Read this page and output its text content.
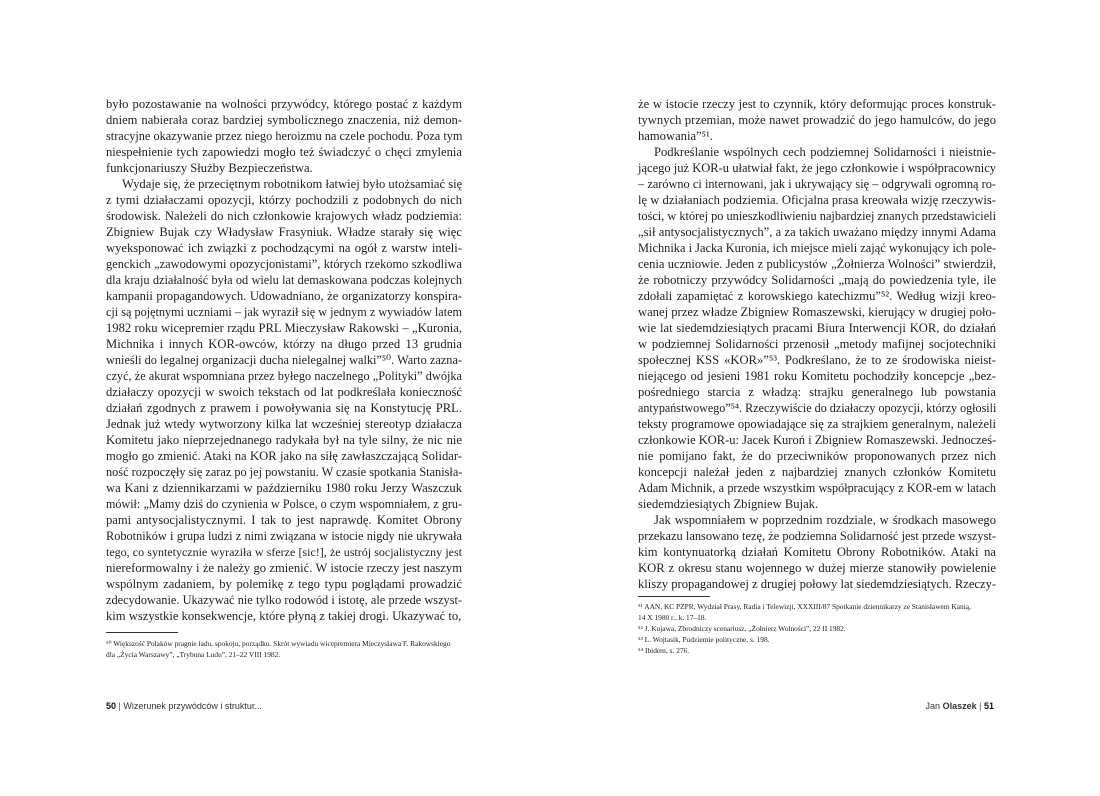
było pozostawanie na wolności przywódcy, którego postać z każdym
dniem nabierała coraz bardziej symbolicznego znaczenia, niż demon-
stracyjne okazywanie przez niego heroizmu na czele pochodu. Poza tym
niespełnienie tych zapowiedzi mogło też świadczyć o chęci zmylenia
funkcjonariuszy Służby Bezpieczeństwa.
Wydaje się, że przeciętnym robotnikom łatwiej było utożsamiać się
z tymi działaczami opozycji, którzy pochodzili z podobnych do nich
środowisk. Należeli do nich członkowie krajowych władz podziemia:
Zbigniew Bujak czy Władysław Frasyniuk. Władze starały się więc
wyeksponować ich związki z pochodzącymi na ogół z warstw inteli-
genckich „zawodowymi opozycjonistami”, których rzekomo szkodliwa
dla kraju działalność była od wielu lat demaskowana podczas kolejnych
kampanii propagandowych. Udowadniano, że organizatorzy konspira-
cji są pojętnymi uczniami – jak wyraził się w jednym z wywiadów latem
1982 roku wicepremier rządu PRL Mieczysław Rakowski – „Kuronia,
Michnika i innych KOR-owców, którzy na długo przed 13 grudnia
wnieśli do legalnej organizacji ducha nielegalnej walki”⁵⁰. Warto zazna-
czyć, że akurat wspomniana przez byłego naczelnego „Polityki” dwójka
działaczy opozycji w swoich tekstach od lat podkreślała konieczność
działań zgodnych z prawem i powoływania się na Konstytucję PRL.
Jednak już wtedy wytworzony kilka lat wcześniej stereotyp działacza
Komitetu jako nieprzejednanego radykała był na tyle silny, że nic nie
mogło go zmienić. Ataki na KOR jako na siłę zawłaszczającą Solidar-
ność rozpoczęły się zaraz po jej powstaniu. W czasie spotkania Stanisła-
wa Kani z dziennikarzami w październiku 1980 roku Jerzy Waszczuk
mówił: „Mamy dziś do czynienia w Polsce, o czym wspomniałem, z gru-
pami antysocjalistycznymi. I tak to jest naprawdę. Komitet Obrony
Robotników i grupa ludzi z nimi związana w istocie nigdy nie ukrywała
tego, co syntetycznie wyraziła w sferze [sic!], że ustrój socjalistyczny jest
niereformowalny i że należy go zmienić. W istocie rzeczy jest naszym
wspólnym zadaniem, by polemikę z tego typu poglądami prowadzić
zdecydowanie. Ukazywać nie tylko rodowód i istotę, ale przede wszyst-
kim wszystkie konsekwencje, które płyną z takiej drogi. Ukazywać to,
⁵⁰ Większość Polaków pragnie ładu, spokoju, porządku. Skrót wywiadu wicepremiera Mieczysława F. Rakowskiego
dla „Życia Warszawy”, „Trybuna Ludu”, 21–22 VIII 1982.
50 | Wizerunek przywódców i struktur...
że w istocie rzeczy jest to czynnik, który deformując proces konstruk-
tywnych przemian, może nawet prowadzić do jego hamulców, do jego
hamowania”⁵¹.
Podkreślanie wspólnych cech podziemnej Solidarności i nieistnie-
jącego już KOR-u ułatwiał fakt, że jego członkowie i współpracownicy
– zarówno ci internowani, jak i ukrywający się – odgrywali ogromną ro-
lę w działaniach podziemia. Oficjalna prasa kreowała wizję rzeczywis-
tości, w której po unieszkodliwieniu najbardziej znanych przedstawicieli
„sił antysocjalistycznych”, a za takich uważano między innymi Adama
Michnika i Jacka Kuronia, ich miejsce mieli zająć wykonujący ich pole-
cenia uczniowie. Jeden z publicystów „Żołnierza Wolności” stwierdził,
że robotniczy przywódcy Solidarności „mają do powiedzenia tyle, ile
zdołali zapamiętać z korowskiego katechizmu”⁵². Według wizji kreo-
wanej przez władze Zbigniew Romaszewski, kierujący w drugiej poło-
wie lat siedemdziesiątych pracami Biura Interwencji KOR, do działań
w podziemnej Solidarności przenosił „metody mafijnej socjotechniki
społecznej KSS «KOR»”⁵³. Podkreślano, że to ze środowiska nieist-
niejącego od jesieni 1981 roku Komitetu pochodziły koncepcje „bez-
pośredniego starcia z władzą: strajku generalnego lub powstania
antypaństwowego”⁵⁴. Rzeczywiście do działaczy opozycji, którzy ogłosili
teksty programowe opowiadające się za strajkiem generalnym, należeli
członkowie KOR-u: Jacek Kuroń i Zbigniew Romaszewski. Jednocześ-
nie pomijano fakt, że do przeciwników proponowanych przez nich
koncepcji należał jeden z najbardziej znanych członków Komitetu
Adam Michnik, a przede wszystkim współpracujący z KOR-em w latach
siedemdziesiątych Zbigniew Bujak.
Jak wspomniałem w poprzednim rozdziale, w środkach masowego
przekazu lansowano tezę, że podziemna Solidarność jest przede wszyst-
kim kontynuatorką działań Komitetu Obrony Robotników. Ataki na
KOR z okresu stanu wojennego w dużej mierze stanowiły powielenie
kliszy propagandowej z drugiej połowy lat siedemdziesiątych. Rzeczy-
⁵¹ AAN, KC PZPR, Wydział Prasy, Radia i Telewizji, XXXIII/87 Spotkanie dziennikarzy ze Stanisławem Kanią,
14 X 1980 r., k. 17–18.
⁵² J. Kujawa, Zbrodniczy scenariusz, „Żołnierz Wolności”, 22 II 1982.
⁵³ L. Wojtasik, Podziemie polityczne, s. 198.
⁵⁴ Ibidem, s. 276.
Jan Olaszek | 51
